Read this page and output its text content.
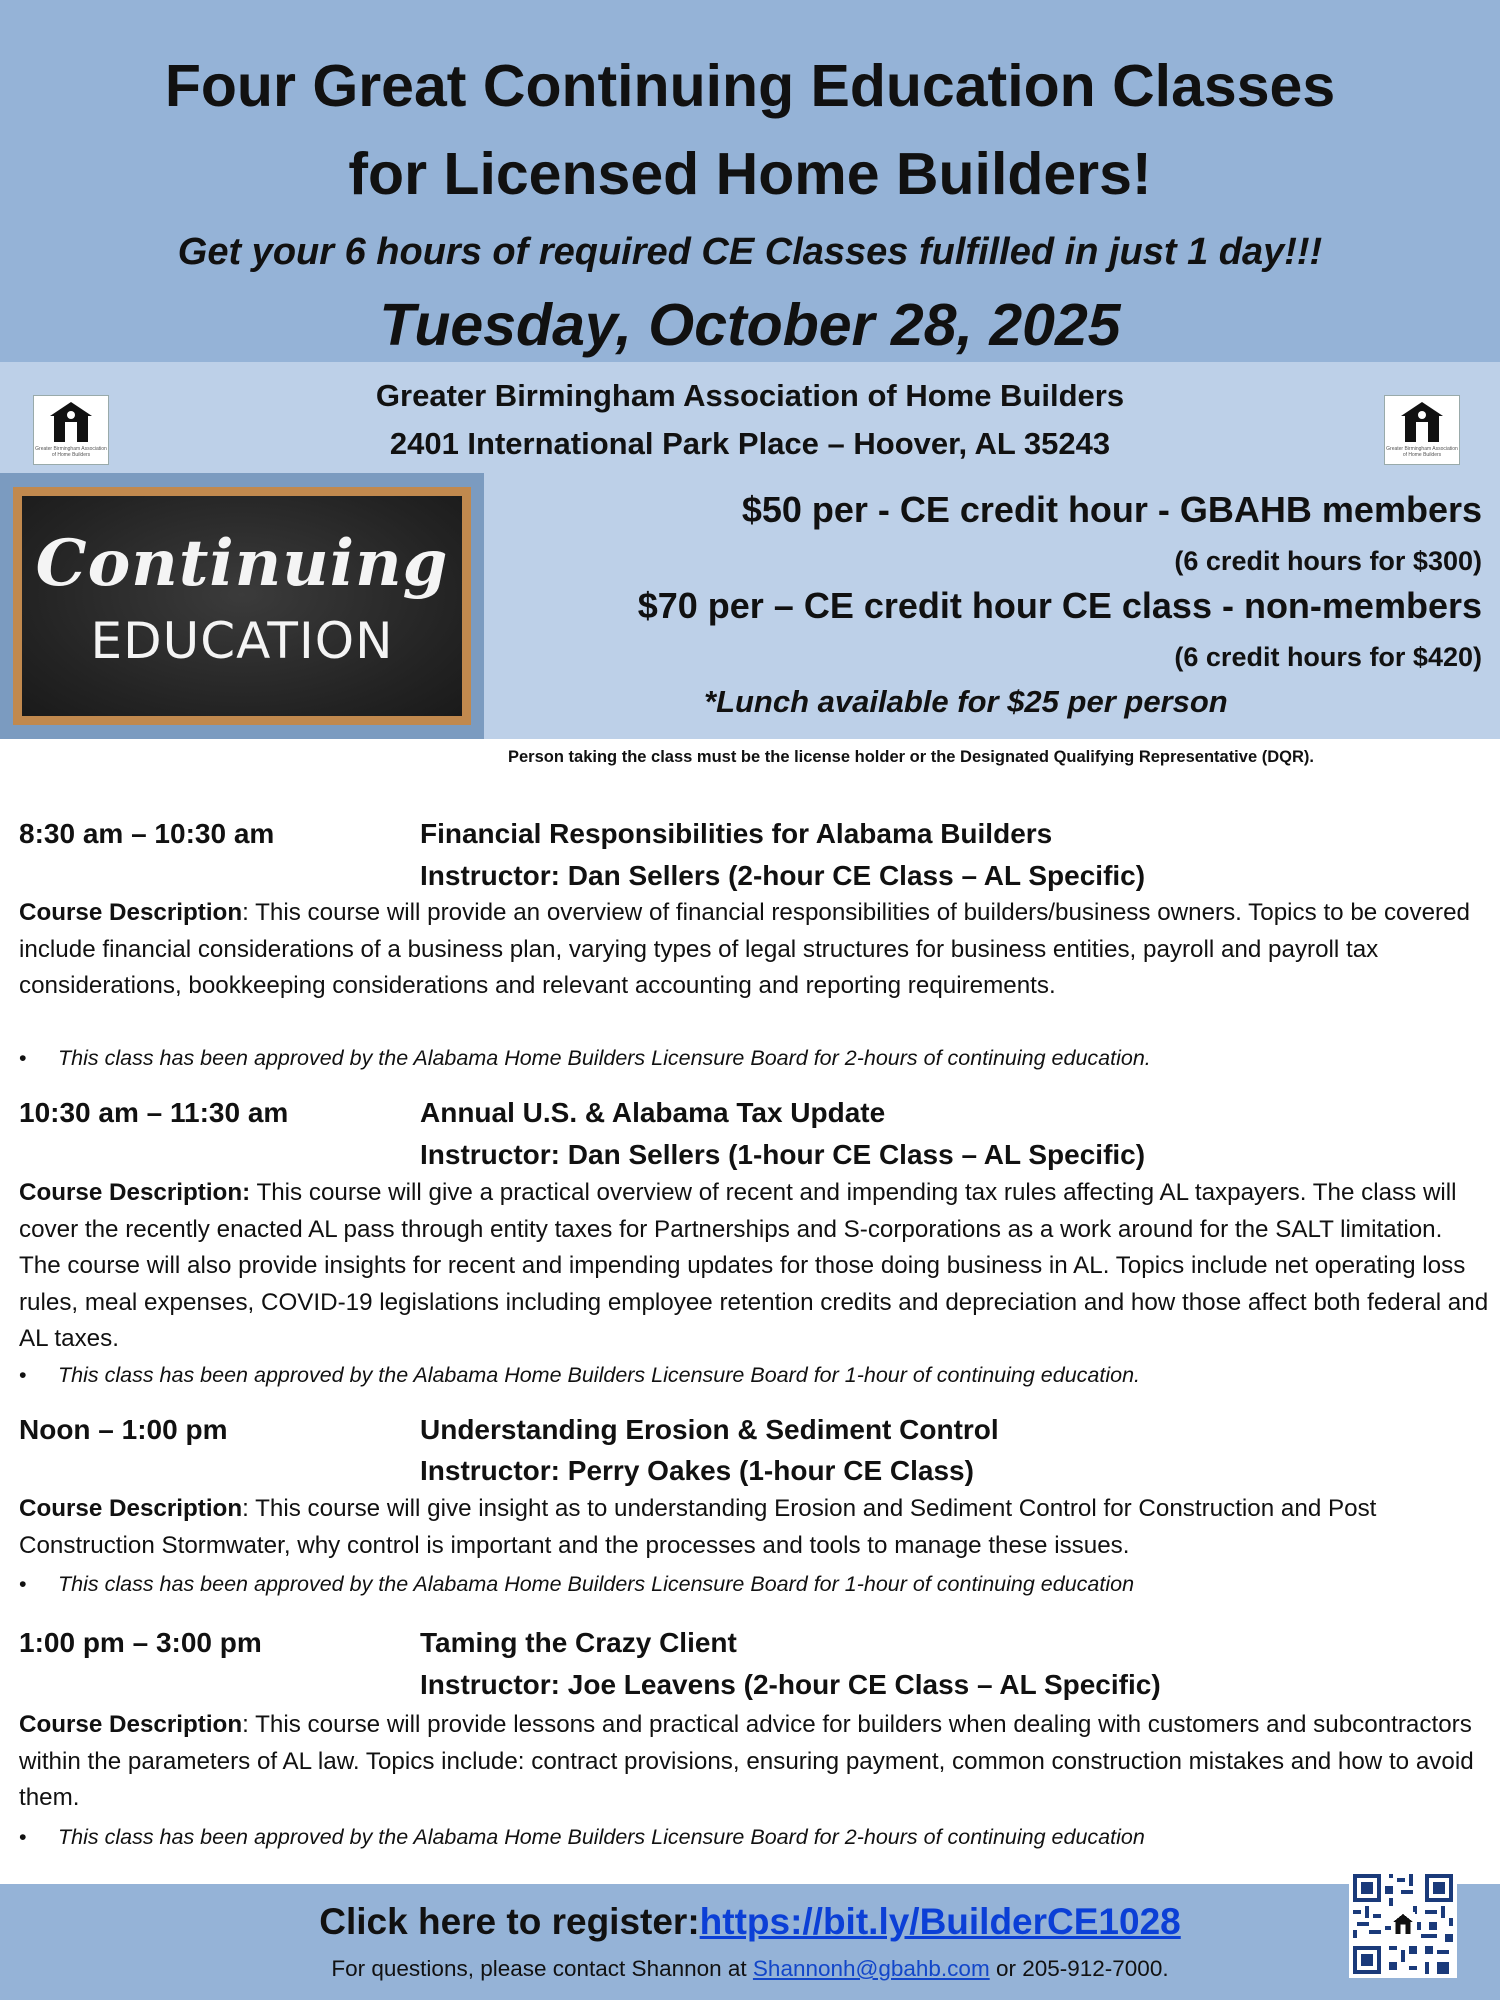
Four Great Continuing Education Classes
for Licensed Home Builders!
Get your 6 hours of required CE Classes fulfilled in just 1 day!!!
Tuesday, October 28, 2025
Greater Birmingham Association of Home Builders
2401 International Park Place – Hoover, AL 35243
Greater Birmingham Association of Home Builders
Greater Birmingham Association of Home Builders
Continuing
EDUCATION
$50 per - CE credit hour - GBAHB members
(6 credit hours for $300)
$70 per – CE credit hour CE class - non-members
(6 credit hours for $420)
*Lunch available for $25 per person
Person taking the class must be the license holder or the Designated Qualifying Representative (DQR).
8:30 am – 10:30 am	Financial Responsibilities for Alabama Builders
Instructor: Dan Sellers (2-hour CE Class – AL Specific)
Course Description: This course will provide an overview of financial responsibilities of builders/business owners. Topics to be covered include financial considerations of a business plan, varying types of legal structures for business entities, payroll and payroll tax considerations, bookkeeping considerations and relevant accounting and reporting requirements.
• This class has been approved by the Alabama Home Builders Licensure Board for 2-hours of continuing education.
10:30 am – 11:30 am	Annual U.S. & Alabama Tax Update
Instructor: Dan Sellers (1-hour CE Class – AL Specific)
Course Description: This course will give a practical overview of recent and impending tax rules affecting AL taxpayers. The class will cover the recently enacted AL pass through entity taxes for Partnerships and S-corporations as a work around for the SALT limitation. The course will also provide insights for recent and impending updates for those doing business in AL. Topics include net operating loss rules, meal expenses, COVID-19 legislations including employee retention credits and depreciation and how those affect both federal and AL taxes.
• This class has been approved by the Alabama Home Builders Licensure Board for 1-hour of continuing education.
Noon – 1:00 pm	Understanding Erosion & Sediment Control
Instructor: Perry Oakes (1-hour CE Class)
Course Description: This course will give insight as to understanding Erosion and Sediment Control for Construction and Post Construction Stormwater, why control is important and the processes and tools to manage these issues.
• This class has been approved by the Alabama Home Builders Licensure Board for 1-hour of continuing education
1:00 pm – 3:00 pm	Taming the Crazy Client
Instructor: Joe Leavens (2-hour CE Class – AL Specific)
Course Description: This course will provide lessons and practical advice for builders when dealing with customers and subcontractors within the parameters of AL law. Topics include: contract provisions, ensuring payment, common construction mistakes and how to avoid them.
• This class has been approved by the Alabama Home Builders Licensure Board for 2-hours of continuing education
Click here to register:https://bit.ly/BuilderCE1028
For questions, please contact Shannon at Shannonh@gbahb.com or 205-912-7000.
